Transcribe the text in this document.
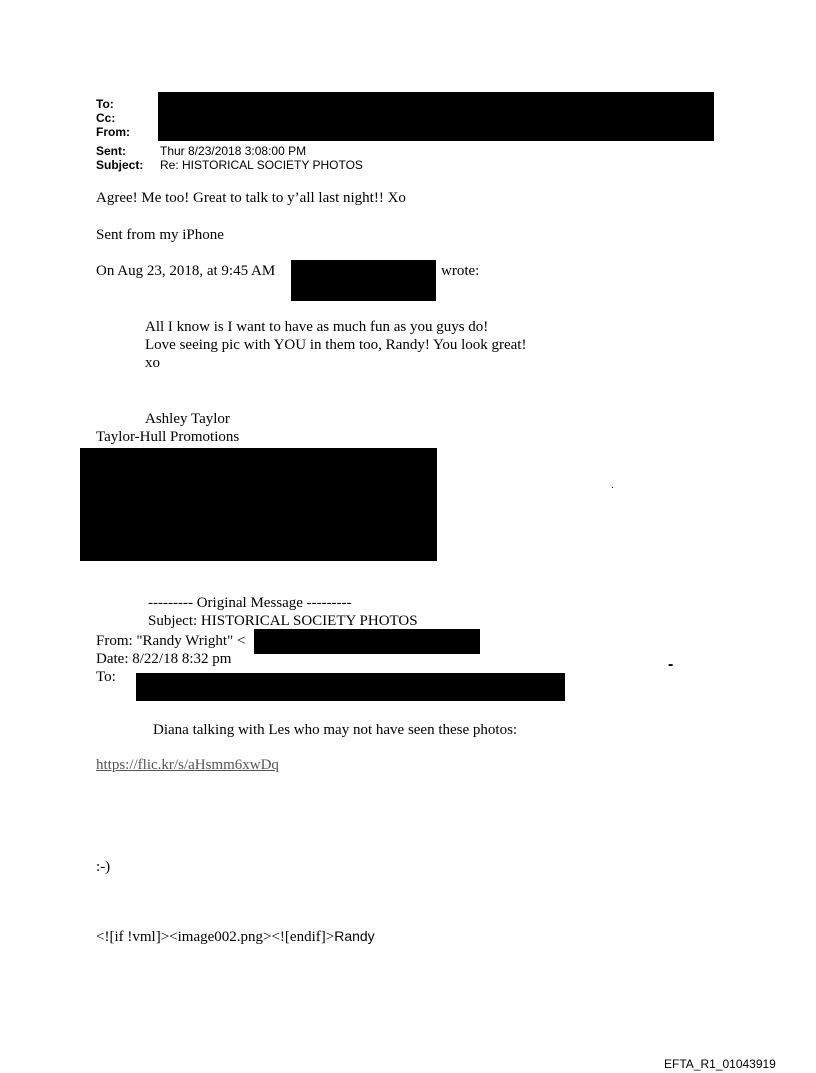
To:
Cc:
From:
Sent:	Thur 8/23/2018 3:08:00 PM
Subject: Re: HISTORICAL SOCIETY PHOTOS
Agree! Me too! Great to talk to y’all last night!! Xo
Sent from my iPhone
On Aug 23, 2018, at 9:45 AM	wrote:
All I know is I want to have as much fun as you guys do!
Love seeing pic with YOU in them too, Randy! You look great!
xo
Ashley Taylor
Taylor-Hull Promotions
.
--------- Original Message ---------
Subject: HISTORICAL SOCIETY PHOTOS
From: "Randy Wright" <
Date: 8/22/18 8:32 pm
To:
-
Diana talking with Les who may not have seen these photos:
https://flic.kr/s/aHsmm6xwDq
:-)
<![if !vml]><image002.png><![endif]>Randy
EFTA_R1_01043919
